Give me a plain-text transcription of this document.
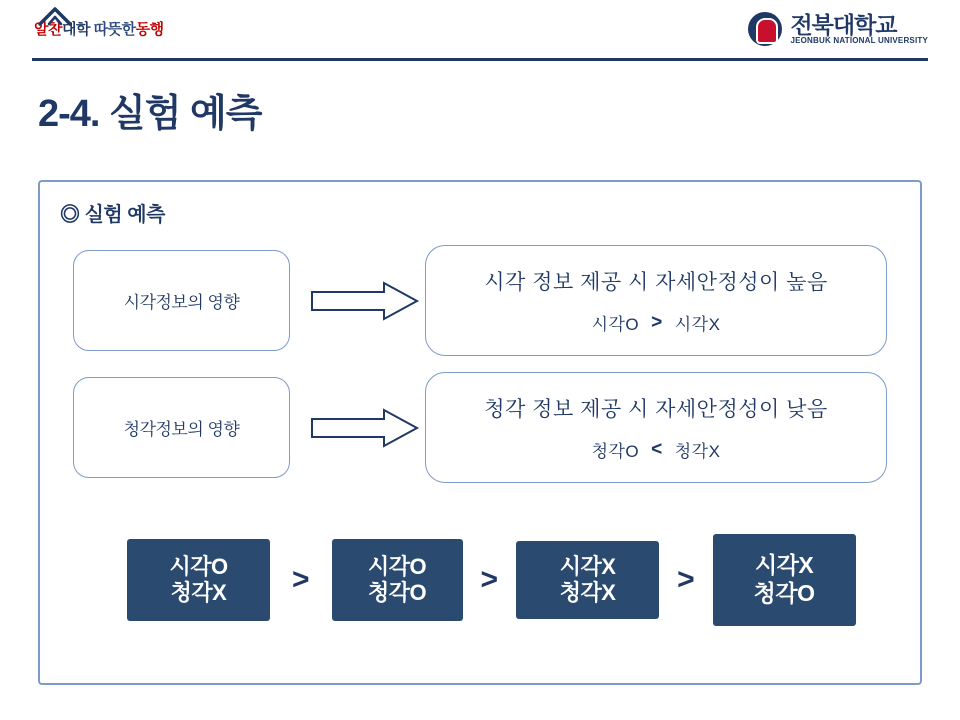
알찬대학 따뜻한동행	전북대학교
JEONBUK NATIONAL UNIVERSITY
2-4. 실험 예측
◎ 실험 예측
시각정보의 영향
시각 정보 제공 시 자세안정성이 높음
시각O > 시각X
청각정보의 영향
청각 정보 제공 시 자세안정성이 낮음
청각O < 청각X
시각O
청각X	>	시각O
청각O	>	시각X
청각X	>	시각X
청각O
